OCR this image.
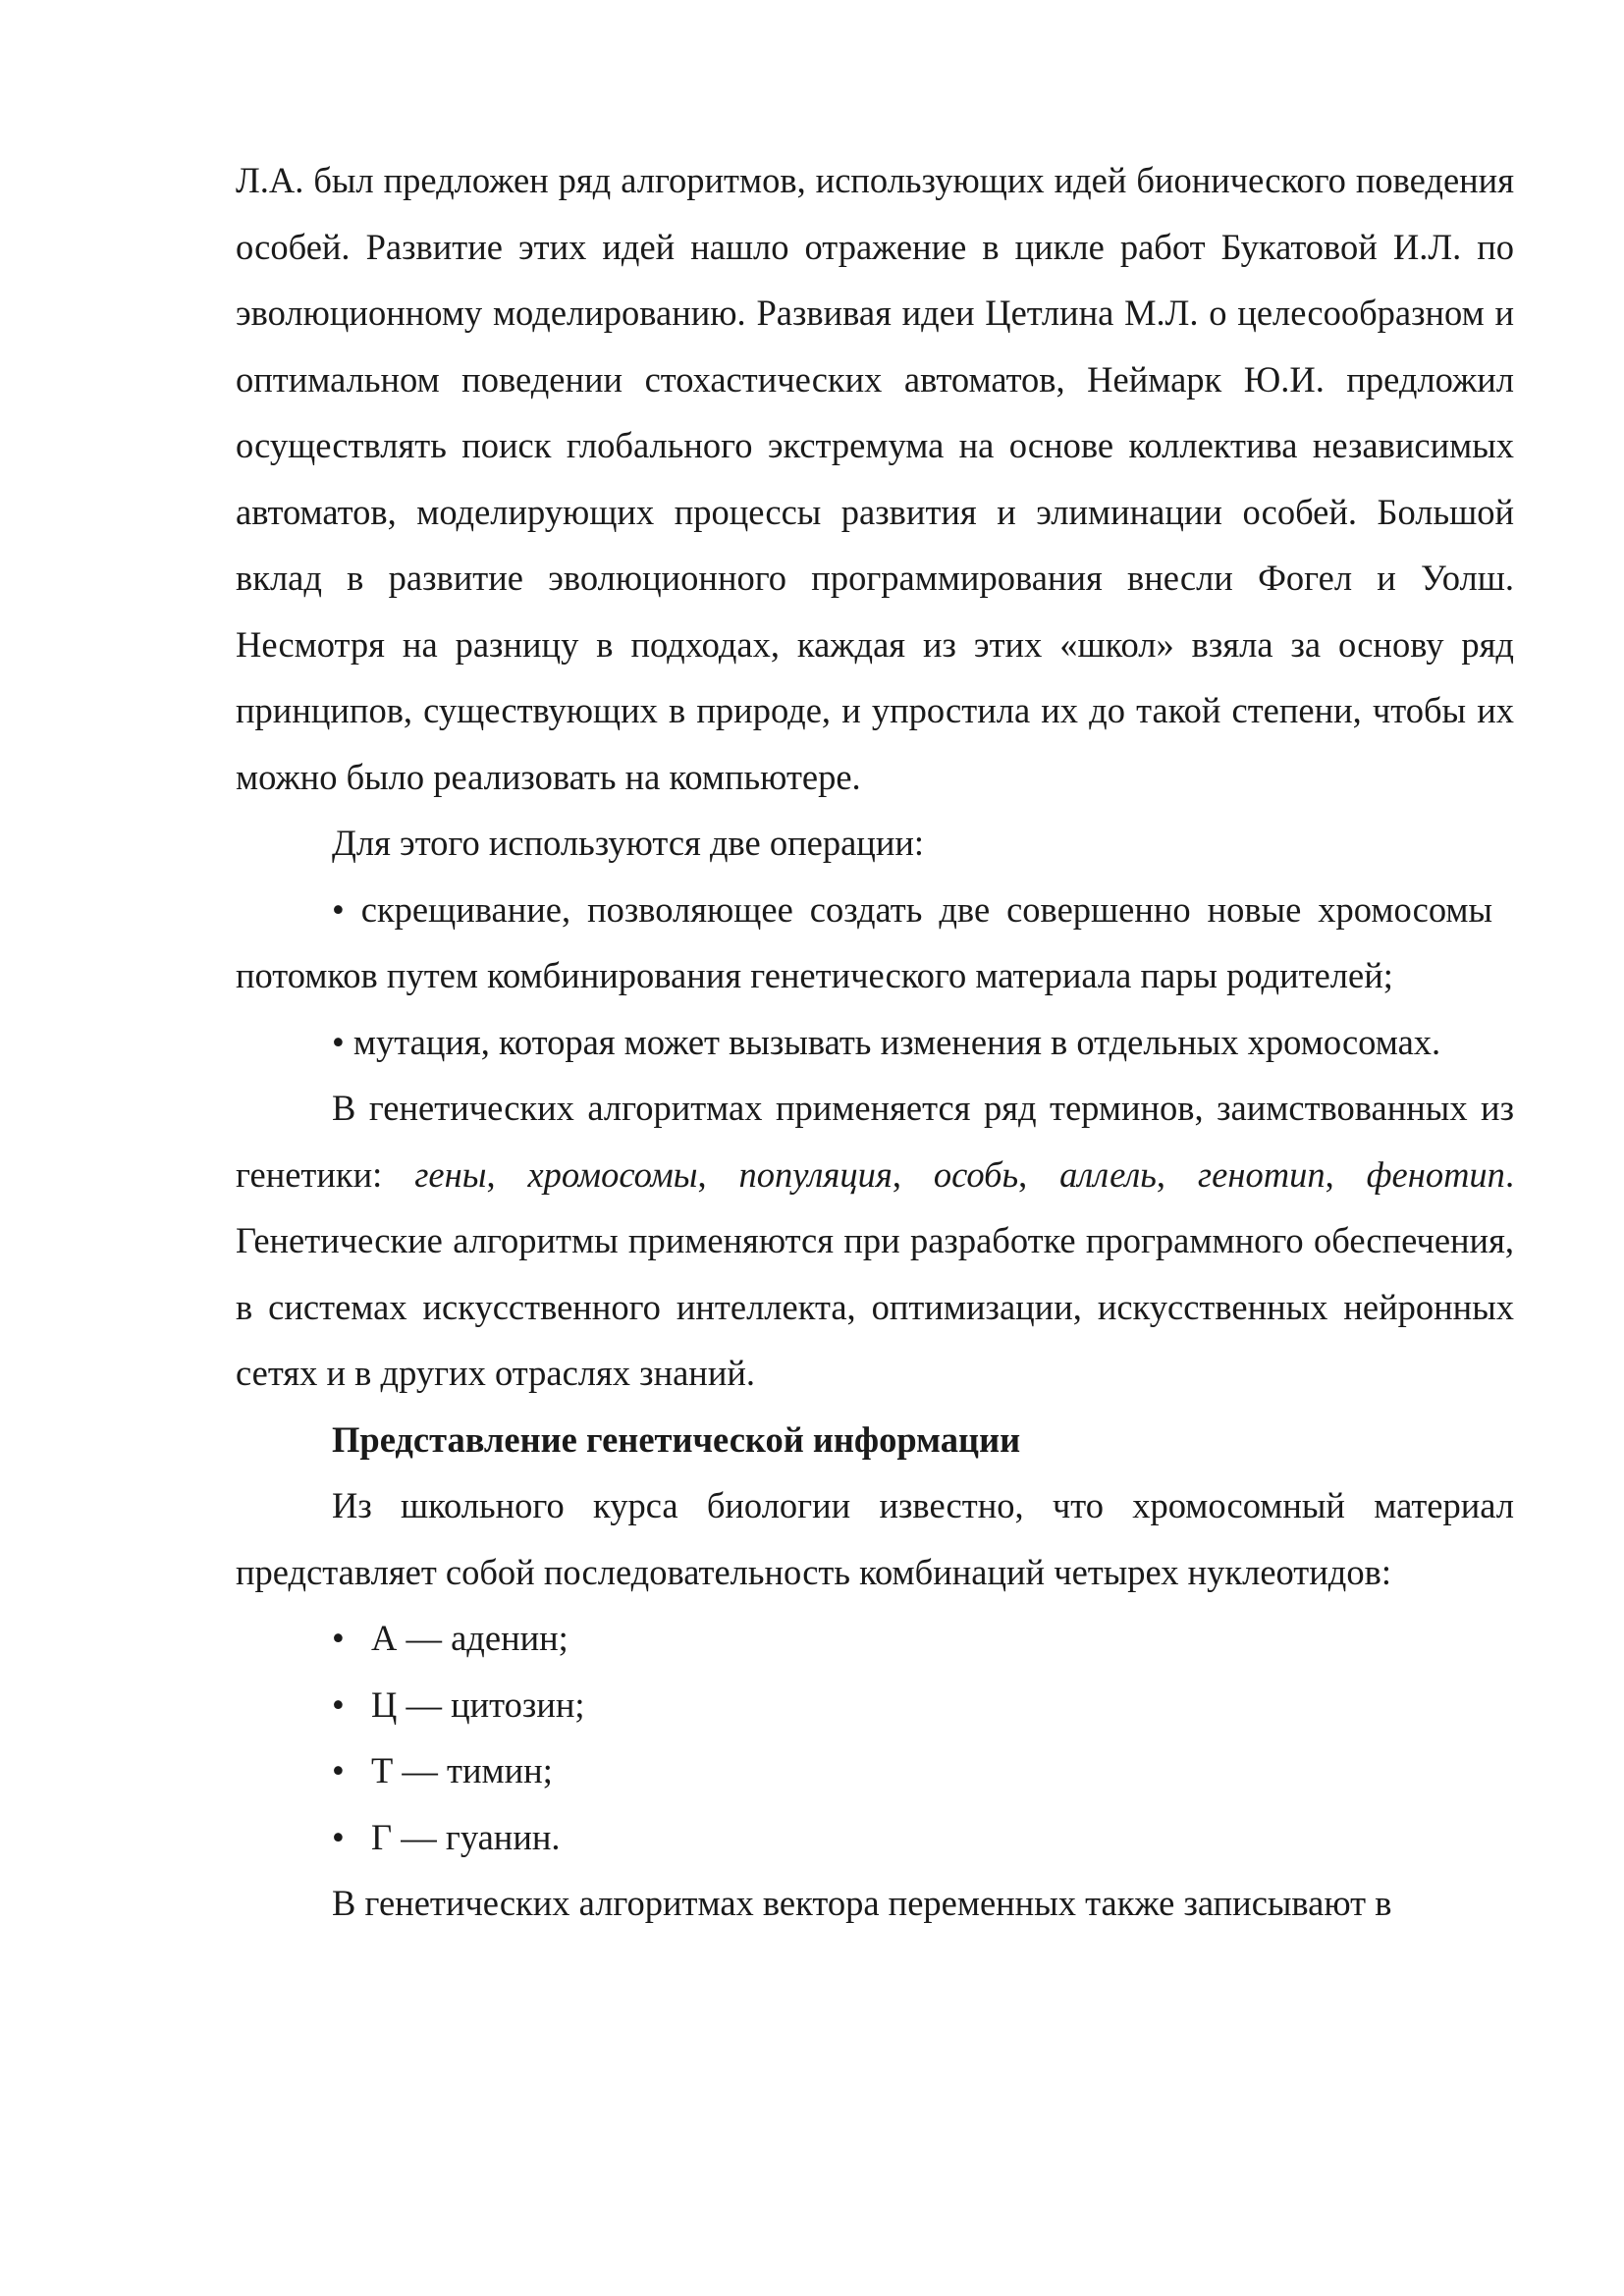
Л.А. был предложен ряд алгоритмов, использующих идей бионического поведения особей. Развитие этих идей нашло отражение в цикле работ Букатовой И.Л. по эволюционному моделированию. Развивая идеи Цетлина М.Л. о целесообразном и оптимальном поведении стохастических автоматов, Неймарк Ю.И. предложил осуществлять поиск глобального экстремума на основе коллектива независимых автоматов, моделирующих процессы развития и элиминации особей. Большой вклад в развитие эволюционного программирования внесли Фогел и Уолш. Несмотря на разницу в подходах, каждая из этих «школ» взяла за основу ряд принципов, существующих в природе, и упростила их до такой степени, чтобы их можно было реализовать на компьютере.

Для этого используются две операции:

• скрещивание, позволяющее создать две совершенно новые хромосомы потомков путем комбинирования генетического материала пары родителей;

• мутация, которая может вызывать изменения в отдельных хромосомах.

В генетических алгоритмах применяется ряд терминов, заимствованных из генетики: гены, хромосомы, популяция, особь, аллель, генотип, фенотип. Генетические алгоритмы применяются при разработке программного обеспечения, в системах искусственного интеллекта, оптимизации, искусственных нейронных сетях и в других отраслях знаний.

Представление генетической информации

Из школьного курса биологии известно, что хромосомный материал представляет собой последовательность комбинаций четырех нуклеотидов:

• А — аденин;
• Ц — цитозин;
• Т — тимин;
• Г — гуанин.

В генетических алгоритмах вектора переменных также записывают в
